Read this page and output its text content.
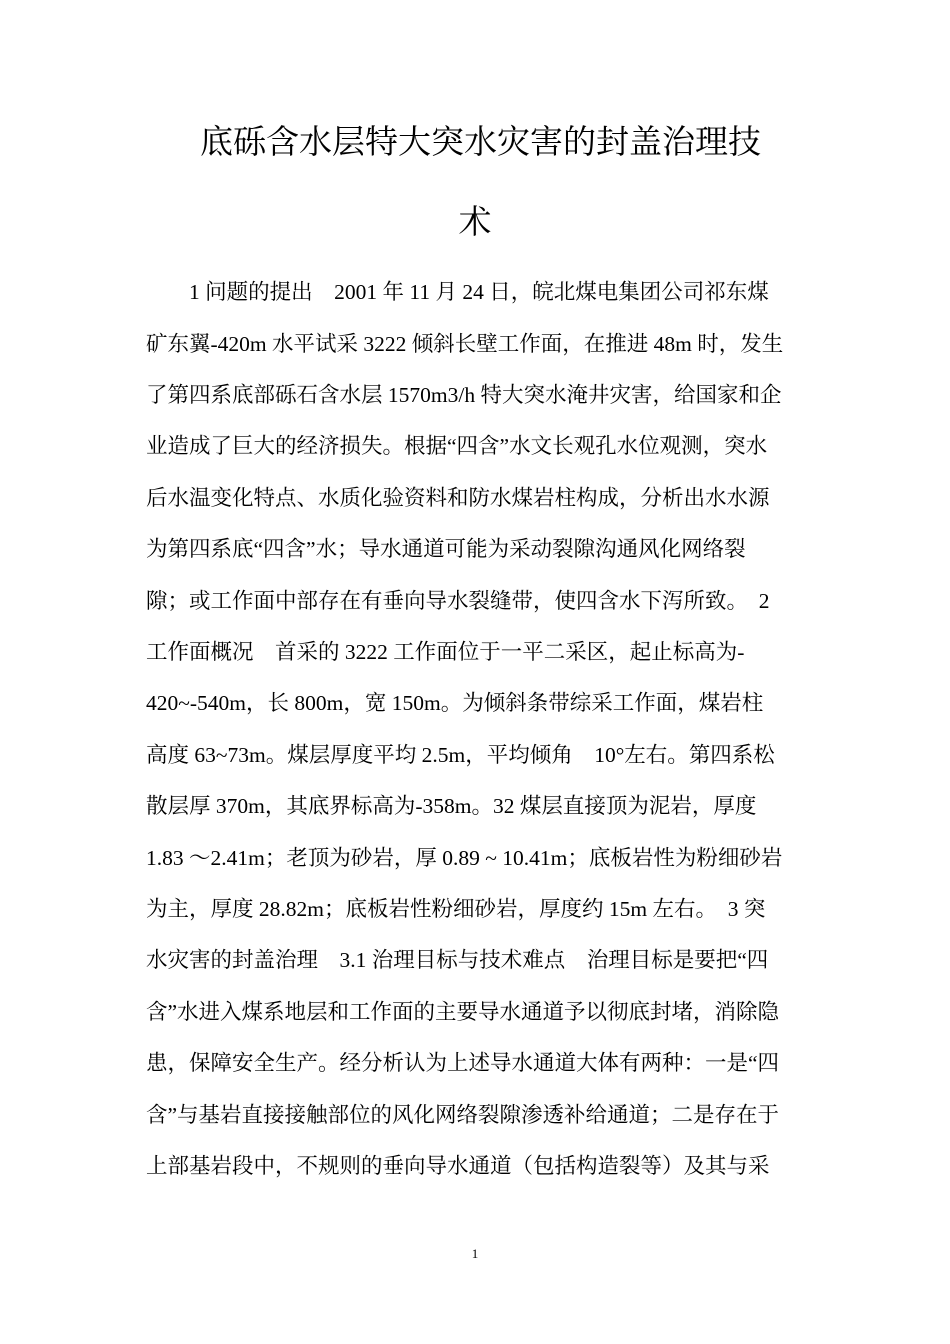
底砾含水层特大突水灾害的封盖治理技
术
　　1 问题的提出　2001 年 11 月 24 日，皖北煤电集团公司祁东煤
矿东翼-420m 水平试采 3222 倾斜长壁工作面，在推进 48m 时，发生
了第四系底部砾石含水层 1570m3/h 特大突水淹井灾害，给国家和企
业造成了巨大的经济损失。根据“四含”水文长观孔水位观测，突水
后水温变化特点、水质化验资料和防水煤岩柱构成，分析出水水源
为第四系底“四含”水；导水通道可能为采动裂隙沟通风化网络裂
隙；或工作面中部存在有垂向导水裂缝带，使四含水下泻所致。　2
工作面概况　首采的 3222 工作面位于一平二采区，起止标高为-
420~-540m，长 800m，宽 150m。为倾斜条带综采工作面，煤岩柱
高度 63~73m。煤层厚度平均 2.5m，平均倾角　10°左右。第四系松
散层厚 370m，其底界标高为-358m。32 煤层直接顶为泥岩，厚度
1.83 ～2.41m；老顶为砂岩，厚 0.89 ~ 10.41m；底板岩性为粉细砂岩
为主，厚度 28.82m；底板岩性粉细砂岩，厚度约 15m 左右。　3 突
水灾害的封盖治理　3.1 治理目标与技术难点　治理目标是要把“四
含”水进入煤系地层和工作面的主要导水通道予以彻底封堵，消除隐
患，保障安全生产。经分析认为上述导水通道大体有两种：一是“四
含”与基岩直接接触部位的风化网络裂隙渗透补给通道；二是存在于
上部基岩段中，不规则的垂向导水通道（包括构造裂等）及其与采
1
